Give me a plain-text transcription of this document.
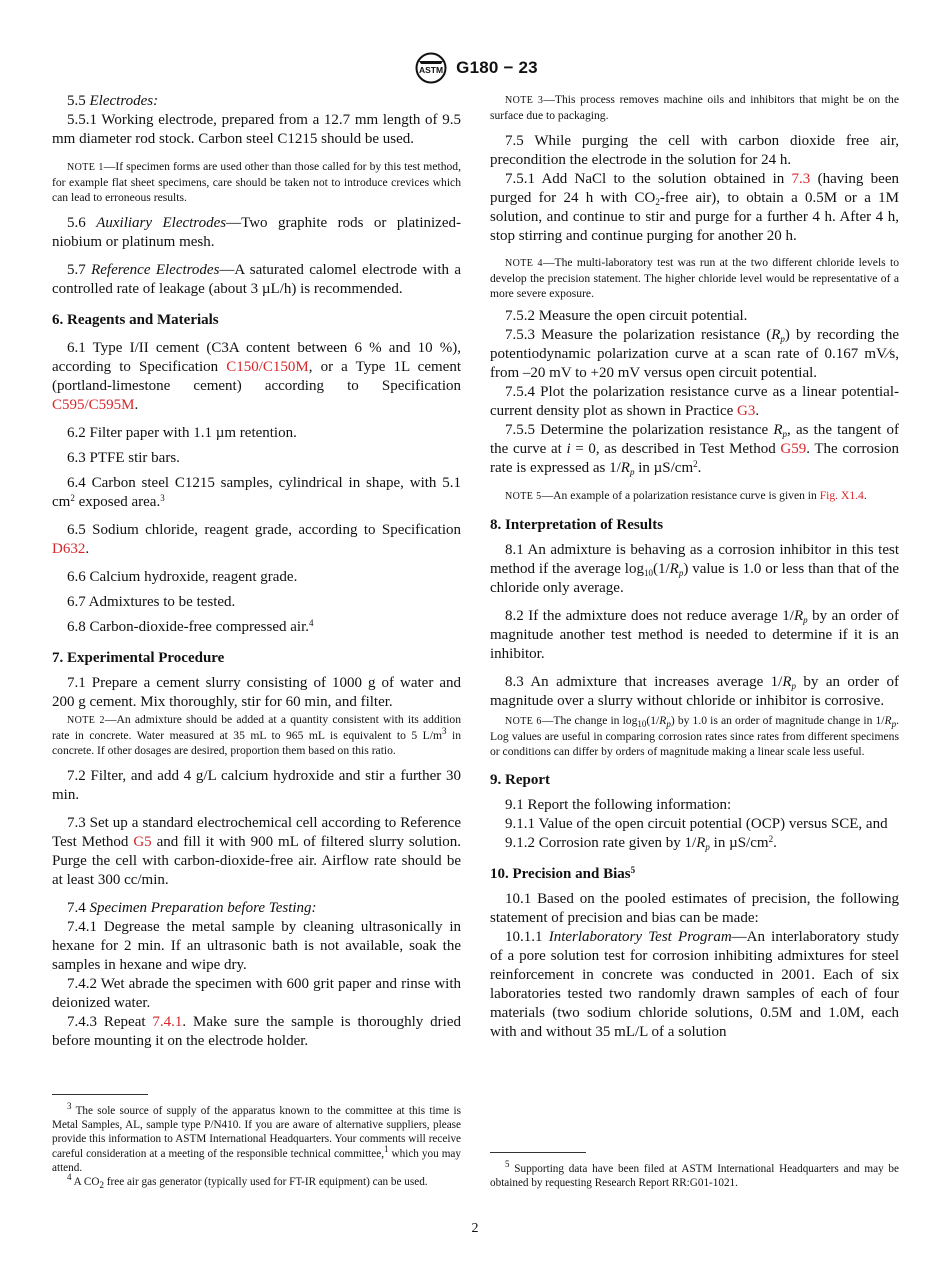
ASTM G180 − 23

5.5 Electrodes:

5.5.1 Working electrode, prepared from a 12.7 mm length of 9.5 mm diameter rod stock. Carbon steel C1215 should be used.

NOTE 1—If specimen forms are used other than those called for by this test method, for example flat sheet specimens, care should be taken not to introduce crevices which can lead to erroneous results.

5.6 Auxiliary Electrodes—Two graphite rods or platinized-niobium or platinum mesh.

5.7 Reference Electrodes—A saturated calomel electrode with a controlled rate of leakage (about 3 µL/h) is recommended.

6. Reagents and Materials

6.1 Type I/II cement (C3A content between 6 % and 10 %), according to Specification C150/C150M, or a Type 1L cement (portland-limestone cement) according to Specification C595/C595M.

6.2 Filter paper with 1.1 µm retention.

6.3 PTFE stir bars.

6.4 Carbon steel C1215 samples, cylindrical in shape, with 5.1 $cm^2$ exposed area.$^3$

6.5 Sodium chloride, reagent grade, according to Specification D632.

6.6 Calcium hydroxide, reagent grade.

6.7 Admixtures to be tested.

6.8 Carbon-dioxide-free compressed air.$^4$

7. Experimental Procedure

7.1 Prepare a cement slurry consisting of 1000 g of water and 200 g cement. Mix thoroughly, stir for 60 min, and filter.

NOTE 2—An admixture should be added at a quantity consistent with its addition rate in concrete. Water measured at 35 mL to 965 mL is equivalent to 5 $L/m^3$ in concrete. If other dosages are desired, proportion them based on this ratio.

7.2 Filter, and add 4 g/L calcium hydroxide and stir a further 30 min.

7.3 Set up a standard electrochemical cell according to Reference Test Method G5 and fill it with 900 mL of filtered slurry solution. Purge the cell with carbon-dioxide-free air. Airflow rate should be at least 300 cc/min.

7.4 Specimen Preparation before Testing:

7.4.1 Degrease the metal sample by cleaning ultrasonically in hexane for 2 min. If an ultrasonic bath is not available, soak the samples in hexane and wipe dry.

7.4.2 Wet abrade the specimen with 600 grit paper and rinse with deionized water.

7.4.3 Repeat 7.4.1. Make sure the sample is thoroughly dried before mounting it on the electrode holder.

$^3$ The sole source of supply of the apparatus known to the committee at this time is Metal Samples, AL, sample type P/N410. If you are aware of alternative suppliers, please provide this information to ASTM International Headquarters. Your comments will receive careful consideration at a meeting of the responsible technical committee,$^1$ which you may attend.

$^4$ A $CO_2$ free air gas generator (typically used for FT-IR equipment) can be used.

NOTE 3—This process removes machine oils and inhibitors that might be on the surface due to packaging.

7.5 While purging the cell with carbon dioxide free air, precondition the electrode in the solution for 24 h.

7.5.1 Add NaCl to the solution obtained in 7.3 (having been purged for 24 h with $CO_2$-free air), to obtain a 0.5M or a 1M solution, and continue to stir and purge for a further 4 h. After 4 h, stop stirring and continue purging for another 20 h.

NOTE 4—The multi-laboratory test was run at the two different chloride levels to develop the precision statement. The higher chloride level would be representative of a more severe exposure.

7.5.2 Measure the open circuit potential.

7.5.3 Measure the polarization resistance $(R_p)$ by recording the potentiodynamic polarization curve at a scan rate of 0.167 mV⁄s, from –20 mV to +20 mV versus open circuit potential.

7.5.4 Plot the polarization resistance curve as a linear potential-current density plot as shown in Practice G3.

7.5.5 Determine the polarization resistance $R_p$, as the tangent of the curve at i = 0, as described in Test Method G59. The corrosion rate is expressed as $1/R_p$ in $\mu S/cm^2$.

NOTE 5—An example of a polarization resistance curve is given in Fig. X1.4.

8. Interpretation of Results

8.1 An admixture is behaving as a corrosion inhibitor in this test method if the average $\log_{10}(1/R_p)$ value is 1.0 or less than that of the chloride only average.

8.2 If the admixture does not reduce average $1/R_p$ by an order of magnitude another test method is needed to determine if it is an inhibitor.

8.3 An admixture that increases average $1/R_p$ by an order of magnitude over a slurry without chloride or inhibitor is corrosive.

NOTE 6—The change in $\log_{10}(1/R_p)$ by 1.0 is an order of magnitude change in $1/R_p$. Log values are useful in comparing corrosion rates since rates from different specimens or conditions can differ by orders of magnitude making a linear scale less useful.

9. Report

9.1 Report the following information:

9.1.1 Value of the open circuit potential (OCP) versus SCE, and

9.1.2 Corrosion rate given by $1/R_p$ in $\mu S/cm^2$.

10. Precision and Bias$^5$

10.1 Based on the pooled estimates of precision, the following statement of precision and bias can be made:

10.1.1 Interlaboratory Test Program—An interlaboratory study of a pore solution test for corrosion inhibiting admixtures for steel reinforcement in concrete was conducted in 2001. Each of six laboratories tested two randomly drawn samples of each of four materials (two sodium chloride solutions, 0.5M and 1.0M, each with and without 35 mL/L of a solution

$^5$ Supporting data have been filed at ASTM International Headquarters and may be obtained by requesting Research Report RR:G01-1021.

2
